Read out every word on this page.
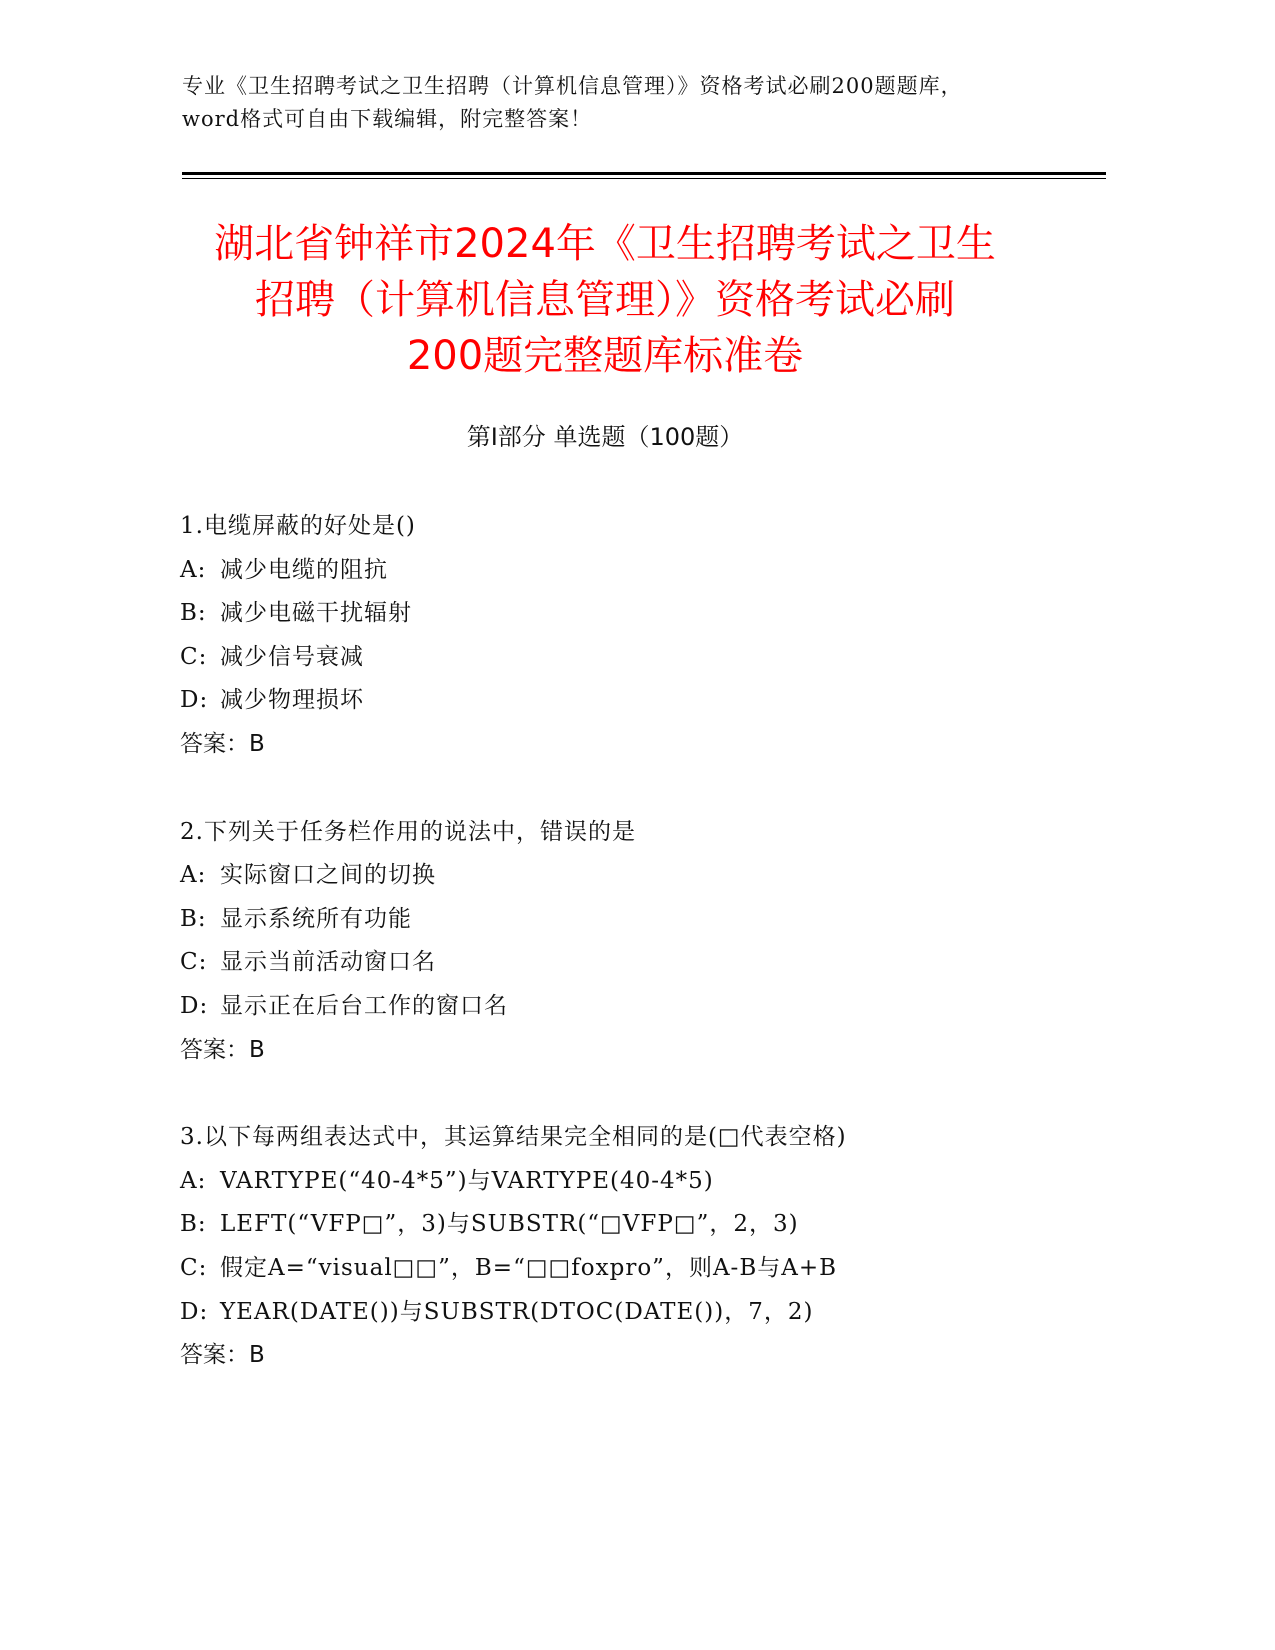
专业《卫生招聘考试之卫生招聘（计算机信息管理）》资格考试必刷200题题库，
word格式可自由下载编辑，附完整答案！
湖北省钟祥市2024年《卫生招聘考试之卫生
招聘（计算机信息管理）》资格考试必刷
200题完整题库标准卷
第Ⅰ部分 单选题（100题）
1.电缆屏蔽的好处是()
A: 减少电缆的阻抗
B: 减少电磁干扰辐射
C: 减少信号衰减
D: 减少物理损坏
答案：B
2.下列关于任务栏作用的说法中，错误的是
A: 实际窗口之间的切换
B: 显示系统所有功能
C: 显示当前活动窗口名
D: 显示正在后台工作的窗口名
答案：B
3.以下每两组表达式中，其运算结果完全相同的是(□代表空格)
A: VARTYPE(“40-4*5”)与VARTYPE(40-4*5)
B: LEFT(“VFP□”，3)与SUBSTR(“□VFP□”，2，3)
C: 假定A=“visual□□”，B=“□□foxpro”，则A-B与A+B
D: YEAR(DATE())与SUBSTR(DTOC(DATE())，7，2)
答案：B
